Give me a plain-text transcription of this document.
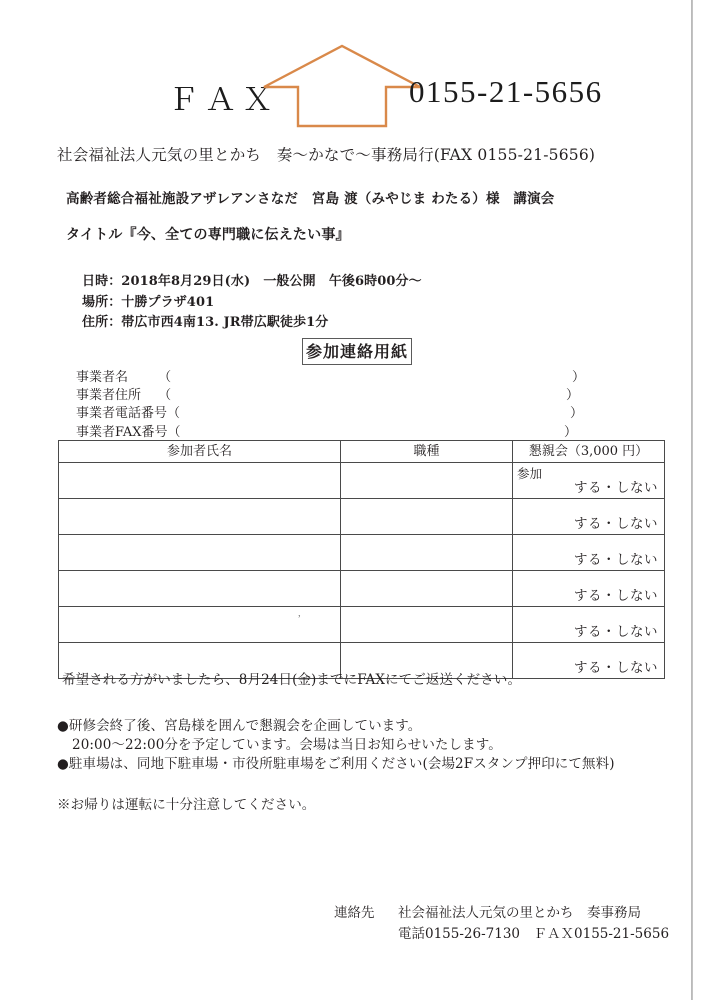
ＦＡＸ	0155-21-5656
社会福祉法人元気の里とかち　奏～かなで～事務局行(FAX 0155-21-5656)
高齢者総合福祉施設アザレアンさなだ　宮島 渡（みやじま わたる）様　講演会
タイトル『今、全ての専門職に伝えたい事』
日時：2018年8月29日(水)　一般公開　午後6時00分～
場所：十勝プラザ401
住所：帯広市西4南13. JR帯広駅徒歩1分
参加連絡用紙
事業者名 （	）
事業者住所 （	）
事業者電話番号（	）
事業者FAX番号（	）
参加者氏名	職種	懇親会（3,000 円）

		参加
する・しない

		する・しない

		する・しない

		する・しない

		する・しない

		する・しない
,
希望される方がいましたら、8月24日(金)までにFAXにてご返送ください。
●研修会終了後、宮島様を囲んで懇親会を企画しています。
20:00～22:00分を予定しています。会場は当日お知らせいたします。
●駐車場は、同地下駐車場・市役所駐車場をご利用ください(会場2Fスタンプ押印にて無料)
※お帰りは運転に十分注意してください。
連絡先 社会福祉法人元気の里とかち　奏事務局
電話0155-26-7130　ＦＡＸ0155-21-5656
